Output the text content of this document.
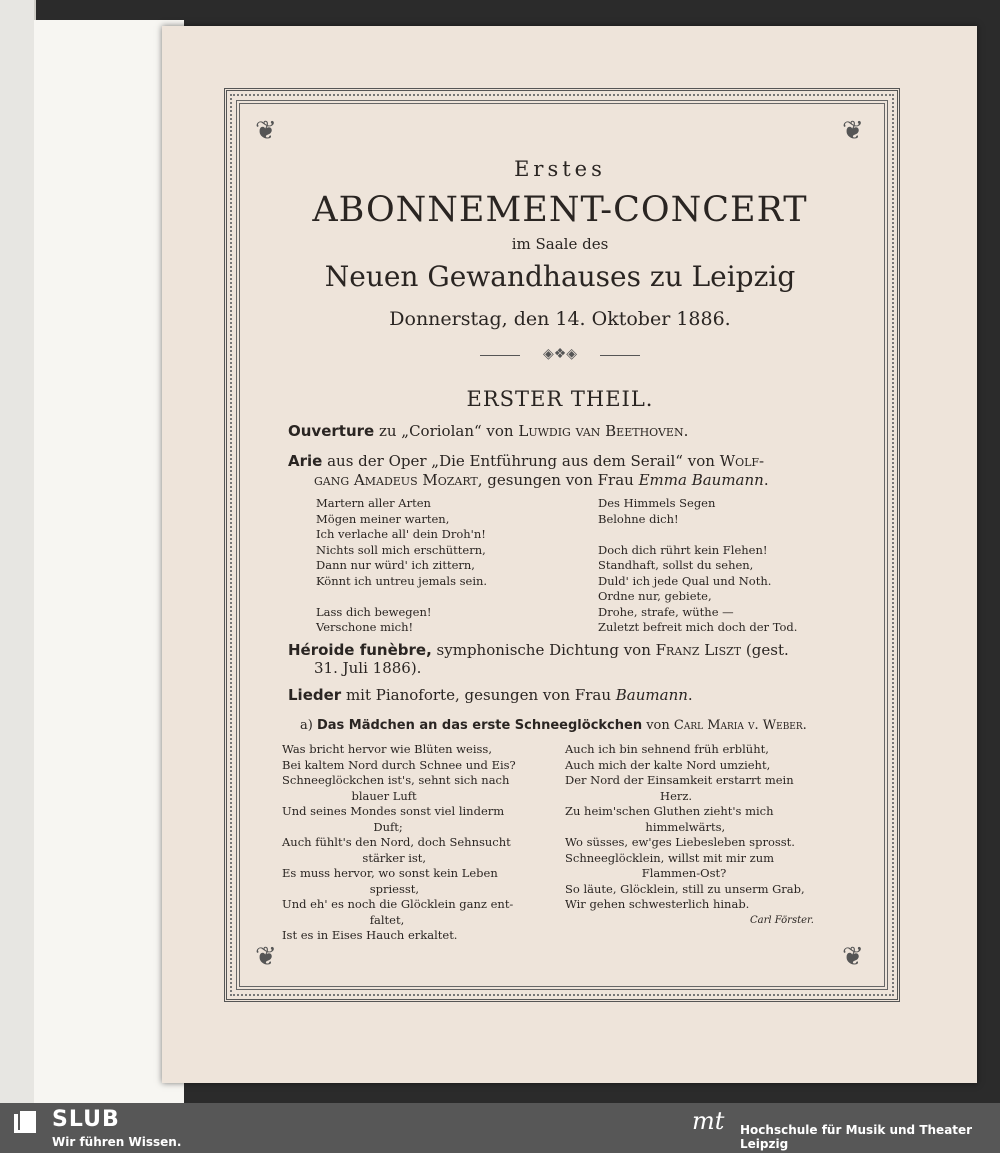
❦	❦
❦	❦
Erstes
ABONNEMENT-CONCERT
im Saale des
Neuen Gewandhauses zu Leipzig
Donnerstag, den 14. Oktober 1886.
◈❖◈
ERSTER THEIL.
Ouverture zu „Coriolan“ von Luwdig van Beethoven.
Arie aus der Oper „Die Entführung aus dem Serail“ von Wolf-
gang Amadeus Mozart, gesungen von Frau Emma Baumann.
Martern aller Arten
Mögen meiner warten,
Ich verlache all' dein Droh'n!
Nichts soll mich erschüttern,
Dann nur würd' ich zittern,
Könnt ich untreu jemals sein.

Lass dich bewegen!
Verschone mich!
Des Himmels Segen
Belohne dich!

Doch dich rührt kein Flehen!
Standhaft, sollst du sehen,
Duld' ich jede Qual und Noth.
Ordne nur, gebiete,
Drohe, strafe, wüthe —
Zuletzt befreit mich doch der Tod.
Héroide funèbre, symphonische Dichtung von Franz Liszt (gest.
31. Juli 1886).
Lieder mit Pianoforte, gesungen von Frau Baumann.
a) Das Mädchen an das erste Schneeglöckchen von Carl Maria v. Weber.
Was bricht hervor wie Blüten weiss,
Bei kaltem Nord durch Schnee und Eis?
Schneeglöckchen ist's, sehnt sich nach
blauer Luft
Und seines Mondes sonst viel linderm
Duft;
Auch fühlt's den Nord, doch Sehnsucht
stärker ist,
Es muss hervor, wo sonst kein Leben
spriesst,
Und eh' es noch die Glöcklein ganz ent-
faltet,
Ist es in Eises Hauch erkaltet.
Auch ich bin sehnend früh erblüht,
Auch mich der kalte Nord umzieht,
Der Nord der Einsamkeit erstarrt mein
Herz.
Zu heim'schen Gluthen zieht's mich
himmelwärts,
Wo süsses, ew'ges Liebesleben sprosst.
Schneeglöcklein, willst mit mir zum
Flammen-Ost?
So läute, Glöcklein, still zu unserm Grab,
Wir gehen schwesterlich hinab.
Carl Förster.
SLUB
Wir führen Wissen.
mt Hochschule für Musik und Theater Leipzig
